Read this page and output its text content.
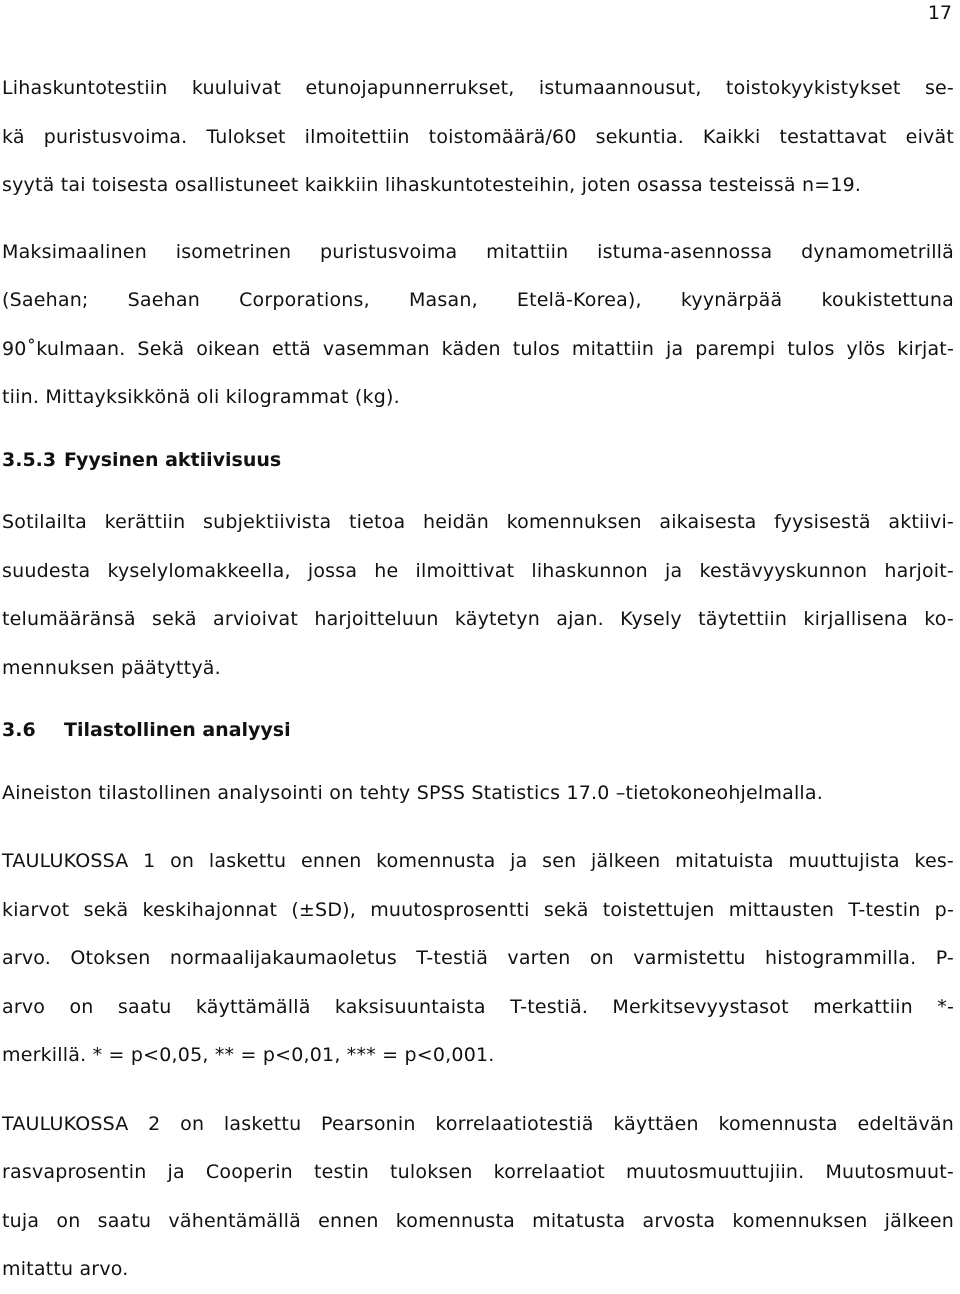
17
Lihaskuntotestiin kuuluivat etunojapunnerrukset, istumaannousut, toistokyykistykset se-
kä puristusvoima. Tulokset ilmoitettiin toistomäärä/60 sekuntia. Kaikki testattavat eivät
syytä tai toisesta osallistuneet kaikkiin lihaskuntotesteihin, joten osassa testeissä n=19.
Maksimaalinen isometrinen puristusvoima mitattiin istuma-asennossa dynamometrillä
(Saehan; Saehan Corporations, Masan, Etelä-Korea), kyynärpää koukistettuna
90˚kulmaan. Sekä oikean että vasemman käden tulos mitattiin ja parempi tulos ylös kirjat-
tiin. Mittayksikkönä oli kilogrammat (kg).
3.5.3 Fyysinen aktiivisuus
Sotilailta kerättiin subjektiivista tietoa heidän komennuksen aikaisesta fyysisestä aktiivi-
suudesta kyselylomakkeella, jossa he ilmoittivat lihaskunnon ja kestävyyskunnon harjoit-
telumääränsä sekä arvioivat harjoitteluun käytetyn ajan. Kysely täytettiin kirjallisena ko-
mennuksen päätyttyä.
3.6 Tilastollinen analyysi
Aineiston tilastollinen analysointi on tehty SPSS Statistics 17.0 –tietokoneohjelmalla.
TAULUKOSSA 1 on laskettu ennen komennusta ja sen jälkeen mitatuista muuttujista kes-
kiarvot sekä keskihajonnat (±SD), muutosprosentti sekä toistettujen mittausten T-testin p-
arvo. Otoksen normaalijakaumaoletus T-testiä varten on varmistettu histogrammilla. P-
arvo on saatu käyttämällä kaksisuuntaista T-testiä. Merkitsevyystasot merkattiin *-
merkillä. * = p<0,05, ** = p<0,01, *** = p<0,001.
TAULUKOSSA 2 on laskettu Pearsonin korrelaatiotestiä käyttäen komennusta edeltävän
rasvaprosentin ja Cooperin testin tuloksen korrelaatiot muutosmuuttujiin. Muutosmuut-
tuja on saatu vähentämällä ennen komennusta mitatusta arvosta komennuksen jälkeen
mitattu arvo.
